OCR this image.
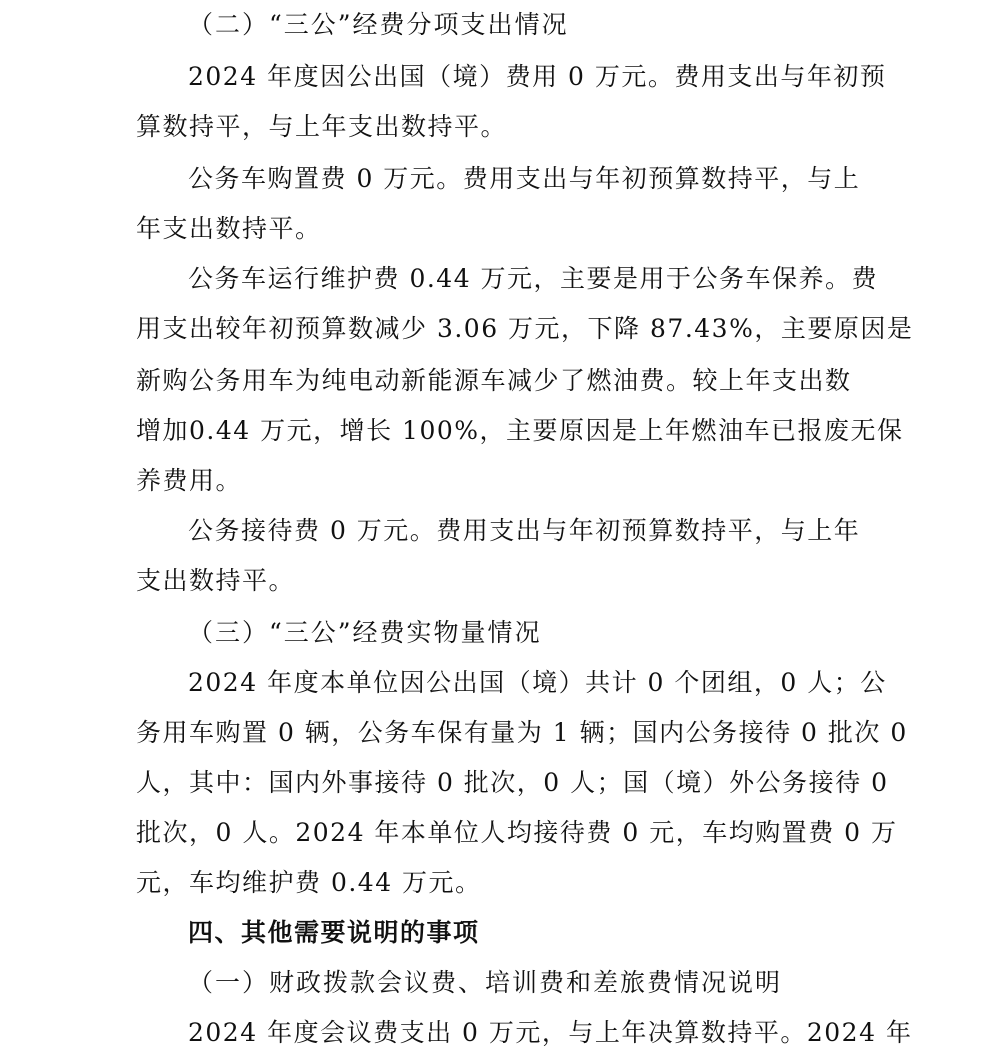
（二）“三公”经费分项支出情况
2024 年度因公出国（境）费用 0 万元。费用支出与年初预
算数持平，与上年支出数持平。
公务车购置费 0 万元。费用支出与年初预算数持平，与上
年支出数持平。
公务车运行维护费 0.44 万元，主要是用于公务车保养。费
用支出较年初预算数减少 3.06 万元，下降 87.43%，主要原因是
新购公务用车为纯电动新能源车减少了燃油费。较上年支出数
增加0.44 万元，增长 100%，主要原因是上年燃油车已报废无保
养费用。
公务接待费 0 万元。费用支出与年初预算数持平，与上年
支出数持平。
（三）“三公”经费实物量情况
2024 年度本单位因公出国（境）共计 0 个团组，0 人；公
务用车购置 0 辆，公务车保有量为 1 辆；国内公务接待 0 批次 0
人，其中：国内外事接待 0 批次，0 人；国（境）外公务接待 0
批次，0 人。2024 年本单位人均接待费 0 元，车均购置费 0 万
元，车均维护费 0.44 万元。
四、其他需要说明的事项
（一）财政拨款会议费、培训费和差旅费情况说明
2024 年度会议费支出 0 万元，与上年决算数持平。2024 年
